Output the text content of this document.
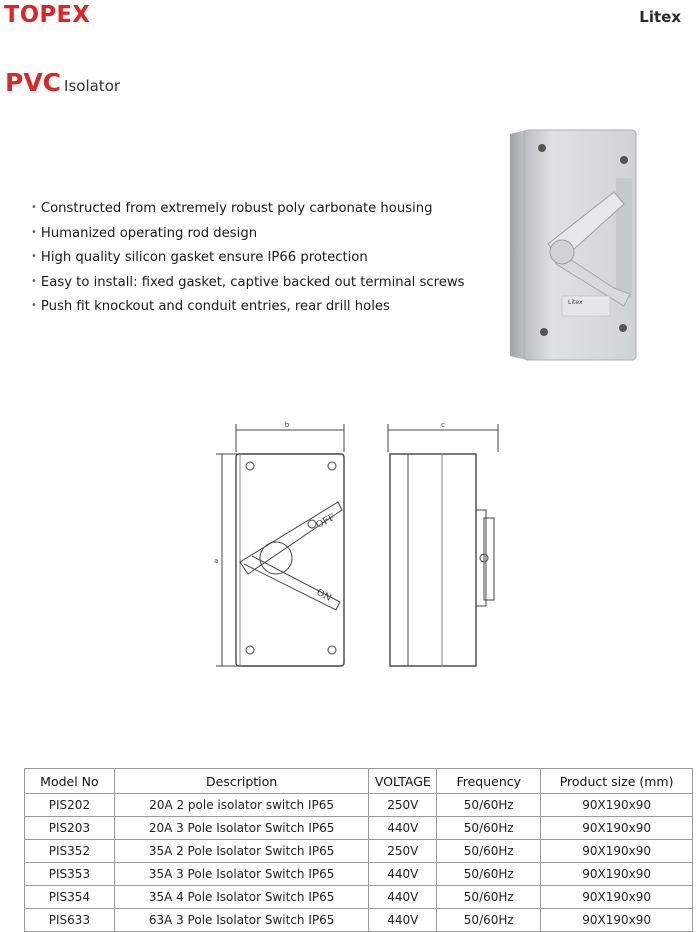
TOPEX	Litex
PVC Isolator
• Constructed from extremely robust poly carbonate housing
• Humanized operating rod design
• High quality silicon gasket ensure IP66 protection
• Easy to install: fixed gasket, captive backed out terminal screws
• Push fit knockout and conduit entries, rear drill holes	Litex
b	c
a
OFF
ON
Model No	Description	VOLTAGE	Frequency	Product size (mm)
PIS202	20A 2 pole isolator switch IP65	250V	50/60Hz	90X190x90
PIS203	20A 3 Pole Isolator Switch IP65	440V	50/60Hz	90X190x90
PIS352	35A 2 Pole Isolator Switch IP65	250V	50/60Hz	90X190x90
PIS353	35A 3 Pole Isolator Switch IP65	440V	50/60Hz	90X190x90
PIS354	35A 4 Pole Isolator Switch IP65	440V	50/60Hz	90X190x90
PIS633	63A 3 Pole Isolator Switch IP65	440V	50/60Hz	90X190x90
